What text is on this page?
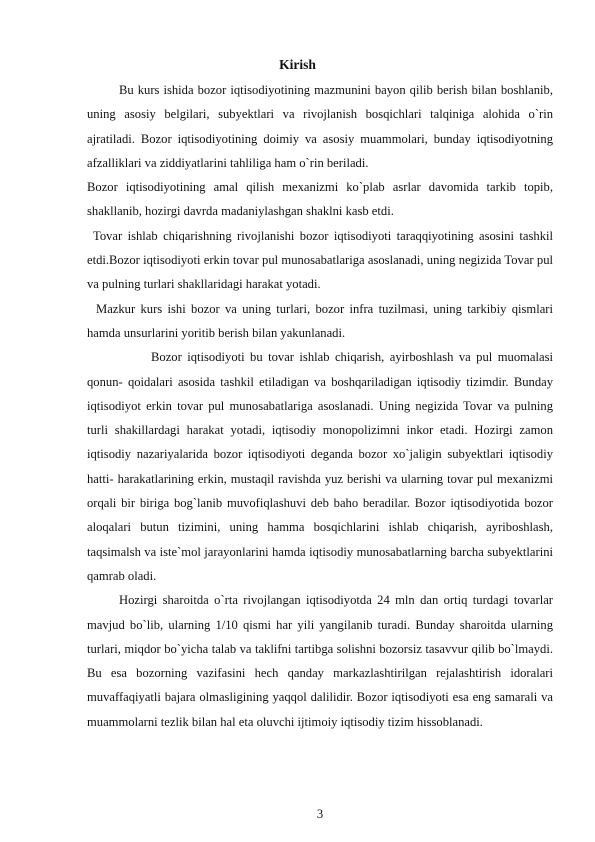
Kirish

Bu kurs ishida bozor iqtisodiyotining mazmunini bayon qilib berish bilan boshlanib, uning asosiy belgilari, subyektlari va rivojlanish bosqichlari talqiniga alohida o`rin ajratiladi. Bozor iqtisodiyotining doimiy va asosiy muammolari, bunday iqtisodiyotning afzalliklari va ziddiyatlarini tahliliga ham o`rin beriladi.

Bozor iqtisodiyotining amal qilish mexanizmi ko`plab asrlar davomida tarkib topib, shakllanib, hozirgi davrda madaniylashgan shaklni kasb etdi.

Tovar ishlab chiqarishning rivojlanishi bozor iqtisodiyoti taraqqiyotining asosini tashkil etdi.Bozor iqtisodiyoti erkin tovar pul munosabatlariga asoslanadi, uning negizida Tovar pul va pulning turlari shakllaridagi harakat yotadi.

Mazkur kurs ishi bozor va uning turlari, bozor infra tuzilmasi, uning tarkibiy qismlari hamda unsurlarini yoritib berish bilan yakunlanadi.

Bozor iqtisodiyoti bu tovar ishlab chiqarish, ayirboshlash va pul muomalasi qonun- qoidalari asosida tashkil etiladigan va boshqariladigan iqtisodiy tizimdir. Bunday iqtisodiyot erkin tovar pul munosabatlariga asoslanadi. Uning negizida Tovar va pulning turli shakillardagi harakat yotadi, iqtisodiy monopolizimni inkor etadi. Hozirgi zamon iqtisodiy nazariyalarida bozor iqtisodiyoti deganda bozor xo`jaligin subyektlari iqtisodiy hatti- harakatlarining erkin, mustaqil ravishda yuz berishi va ularning tovar pul mexanizmi orqali bir biriga bog`lanib muvofiqlashuvi deb baho beradilar. Bozor iqtisodiyotida bozor aloqalari butun tizimini, uning hamma bosqichlarini ishlab chiqarish, ayriboshlash, taqsimalsh va iste`mol jarayonlarini hamda iqtisodiy munosabatlarning barcha subyektlarini qamrab oladi.

Hozirgi sharoitda o`rta rivojlangan iqtisodiyotda 24 mln dan ortiq turdagi tovarlar mavjud bo`lib, ularning 1/10 qismi har yili yangilanib turadi. Bunday sharoitda ularning turlari, miqdor bo`yicha talab va taklifni tartibga solishni bozorsiz tasavvur qilib bo`lmaydi. Bu esa bozorning vazifasini hech qanday markazlashtirilgan rejalashtirish idoralari muvaffaqiyatli bajara olmasligining yaqqol dalilidir. Bozor iqtisodiyoti esa eng samarali va muammolarni tezlik bilan hal eta oluvchi ijtimoiy iqtisodiy tizim hissoblanadi.

3
